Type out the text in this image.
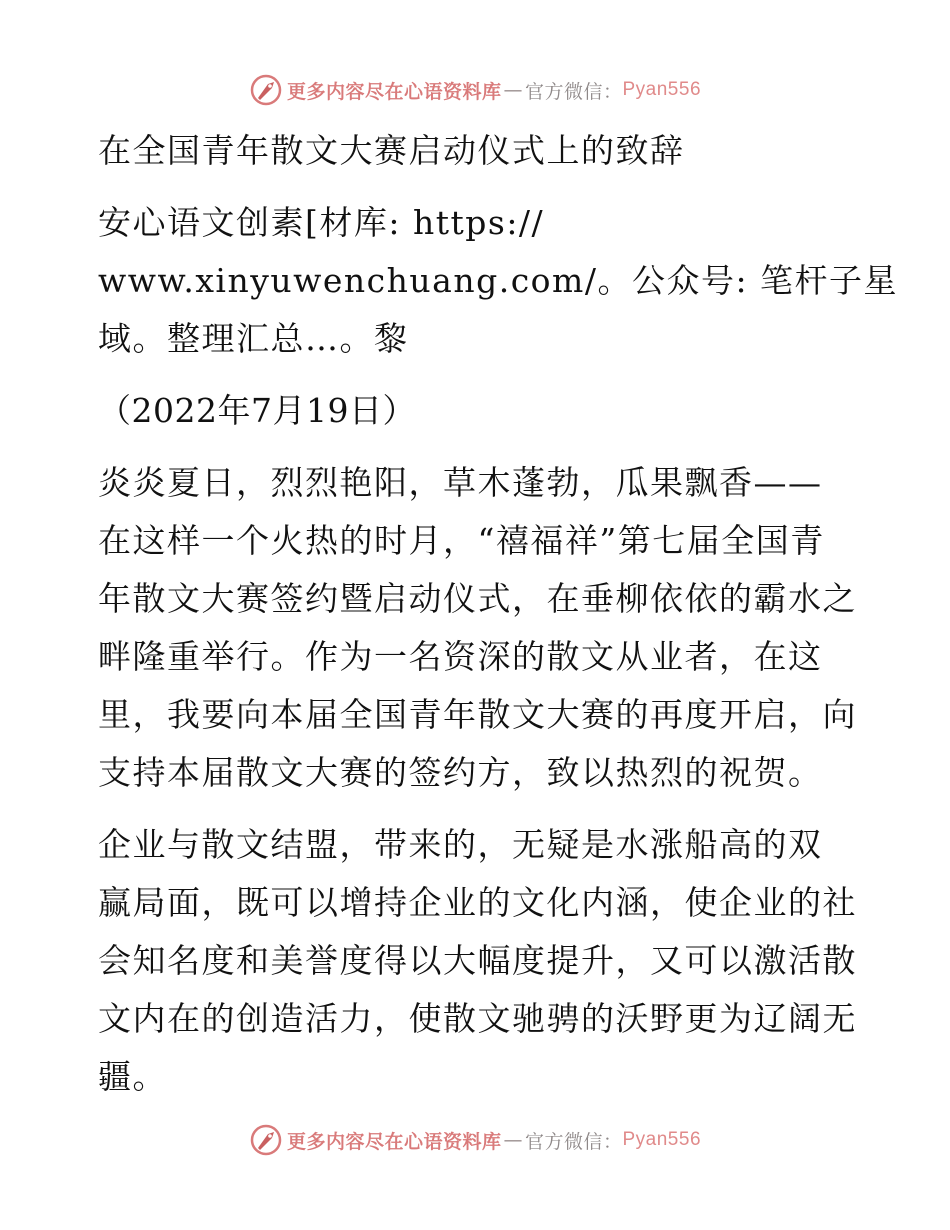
更多内容尽在心语资料库 — 官方微信： Pyan556
在全国青年散文大赛启动仪式上的致辞
安心语文创素[材库: https://
www.xinyuwenchuang.com/。公众号: 笔杆子星
域。整理汇总…。黎
（2022年7月19日）
炎炎夏日，烈烈艳阳，草木蓬勃，瓜果飘香——
在这样一个火热的时月，“禧福祥”第七届全国青
年散文大赛签约暨启动仪式，在垂柳依依的霸水之
畔隆重举行。作为一名资深的散文从业者，在这
里，我要向本届全国青年散文大赛的再度开启，向
支持本届散文大赛的签约方，致以热烈的祝贺。
企业与散文结盟，带来的，无疑是水涨船高的双
赢局面，既可以增持企业的文化内涵，使企业的社
会知名度和美誉度得以大幅度提升，又可以激活散
文内在的创造活力，使散文驰骋的沃野更为辽阔无
疆。
更多内容尽在心语资料库 — 官方微信： Pyan556
